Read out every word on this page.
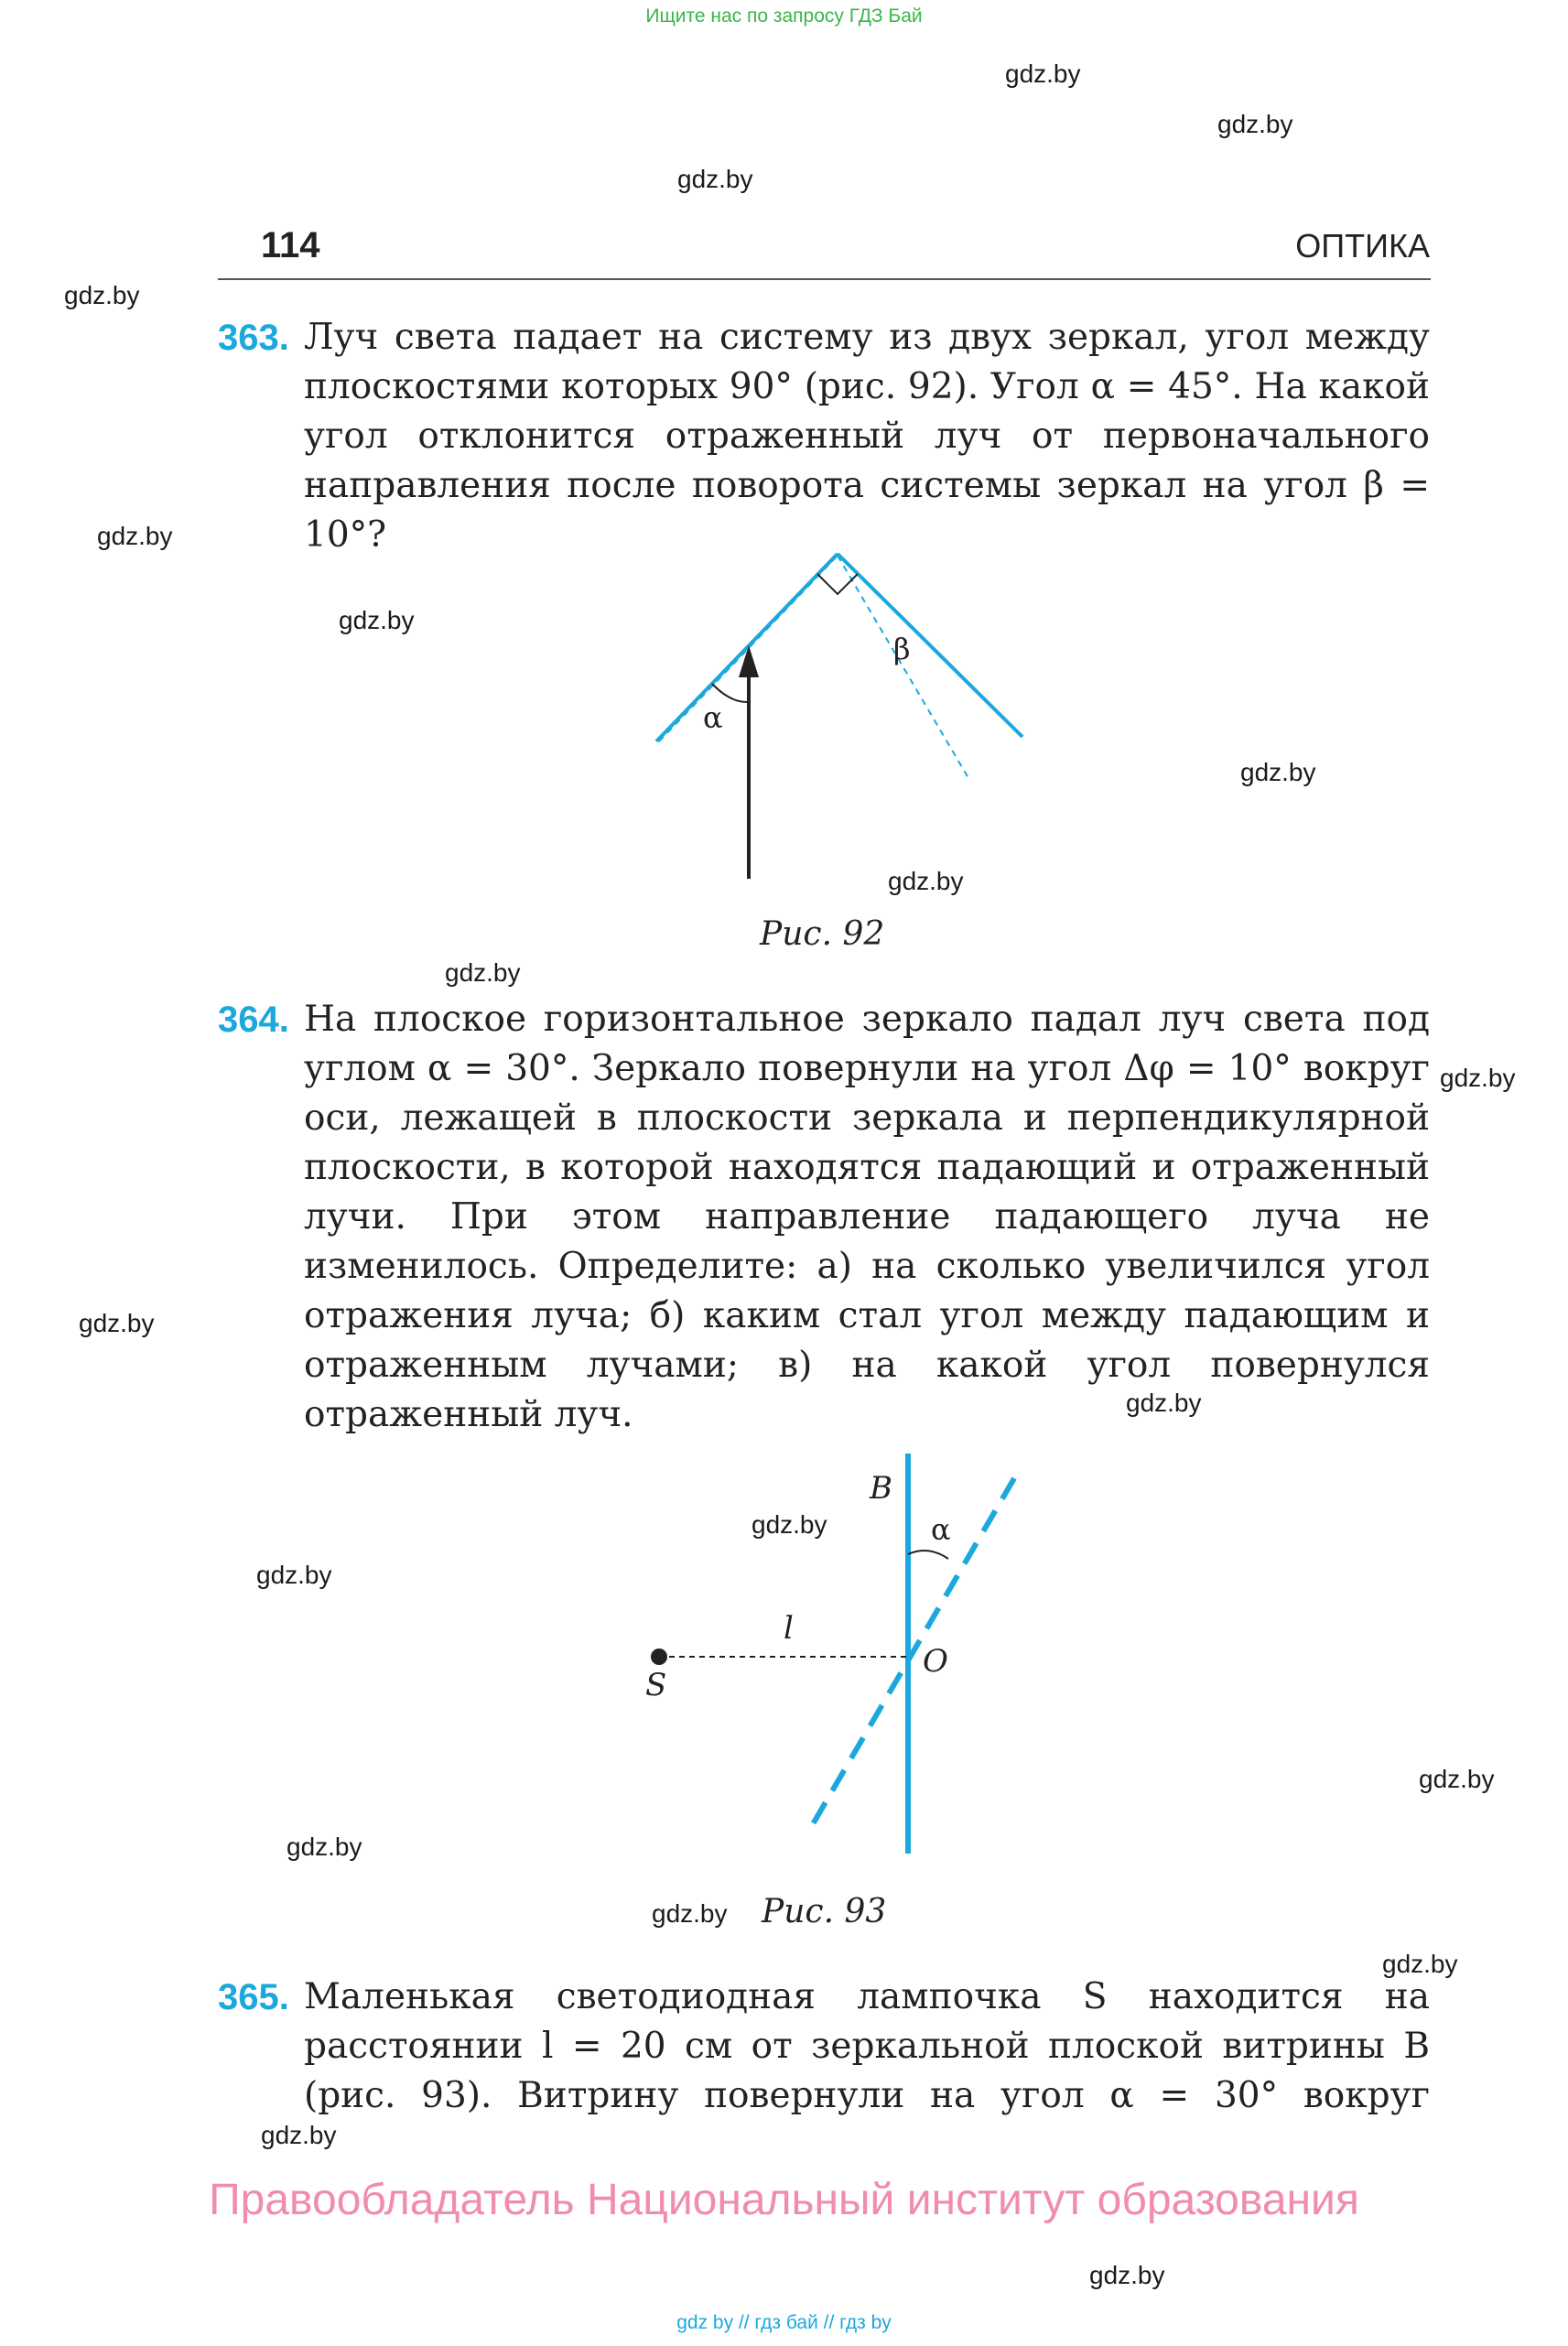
Ищите нас по запросу ГДЗ Бай
gdz.by
gdz.by
gdz.by
gdz.by
gdz.by
gdz.by
gdz.by
gdz.by
gdz.by
gdz.by
gdz.by
gdz.by
gdz.by
gdz.by
gdz.by
gdz.by
gdz.by
gdz.by
gdz.by
gdz.by
114	ОПТИКА
363. Луч света падает на систему из двух зеркал, угол между плоскостями которых 90° (рис. 92). Угол α = 45°. На какой угол отклонится отраженный луч от первоначального направления после поворота системы зеркал на угол β = 10°?
α
β
Рис. 92
364. На плоское горизонтальное зеркало падал луч света под углом α = 30°. Зеркало повернули на угол Δφ = 10° вокруг оси, лежащей в плоскости зеркала и перпендикулярной плоскости, в которой находятся падающий и отраженный лучи. При этом направление падающего луча не изменилось. Определите: а) на сколько увеличился угол отражения луча; б) каким стал угол между падающим и отраженным лучами; в) на какой угол повернулся отраженный луч.
B
α
l
O
S
Рис. 93
365. Маленькая светодиодная лампочка S находится на расстоянии l = 20 см от зеркальной плоской витрины B (рис. 93). Витрину повернули на угол α = 30° вокруг
Правообладатель Национальный институт образования
gdz by // гдз бай // гдз by
